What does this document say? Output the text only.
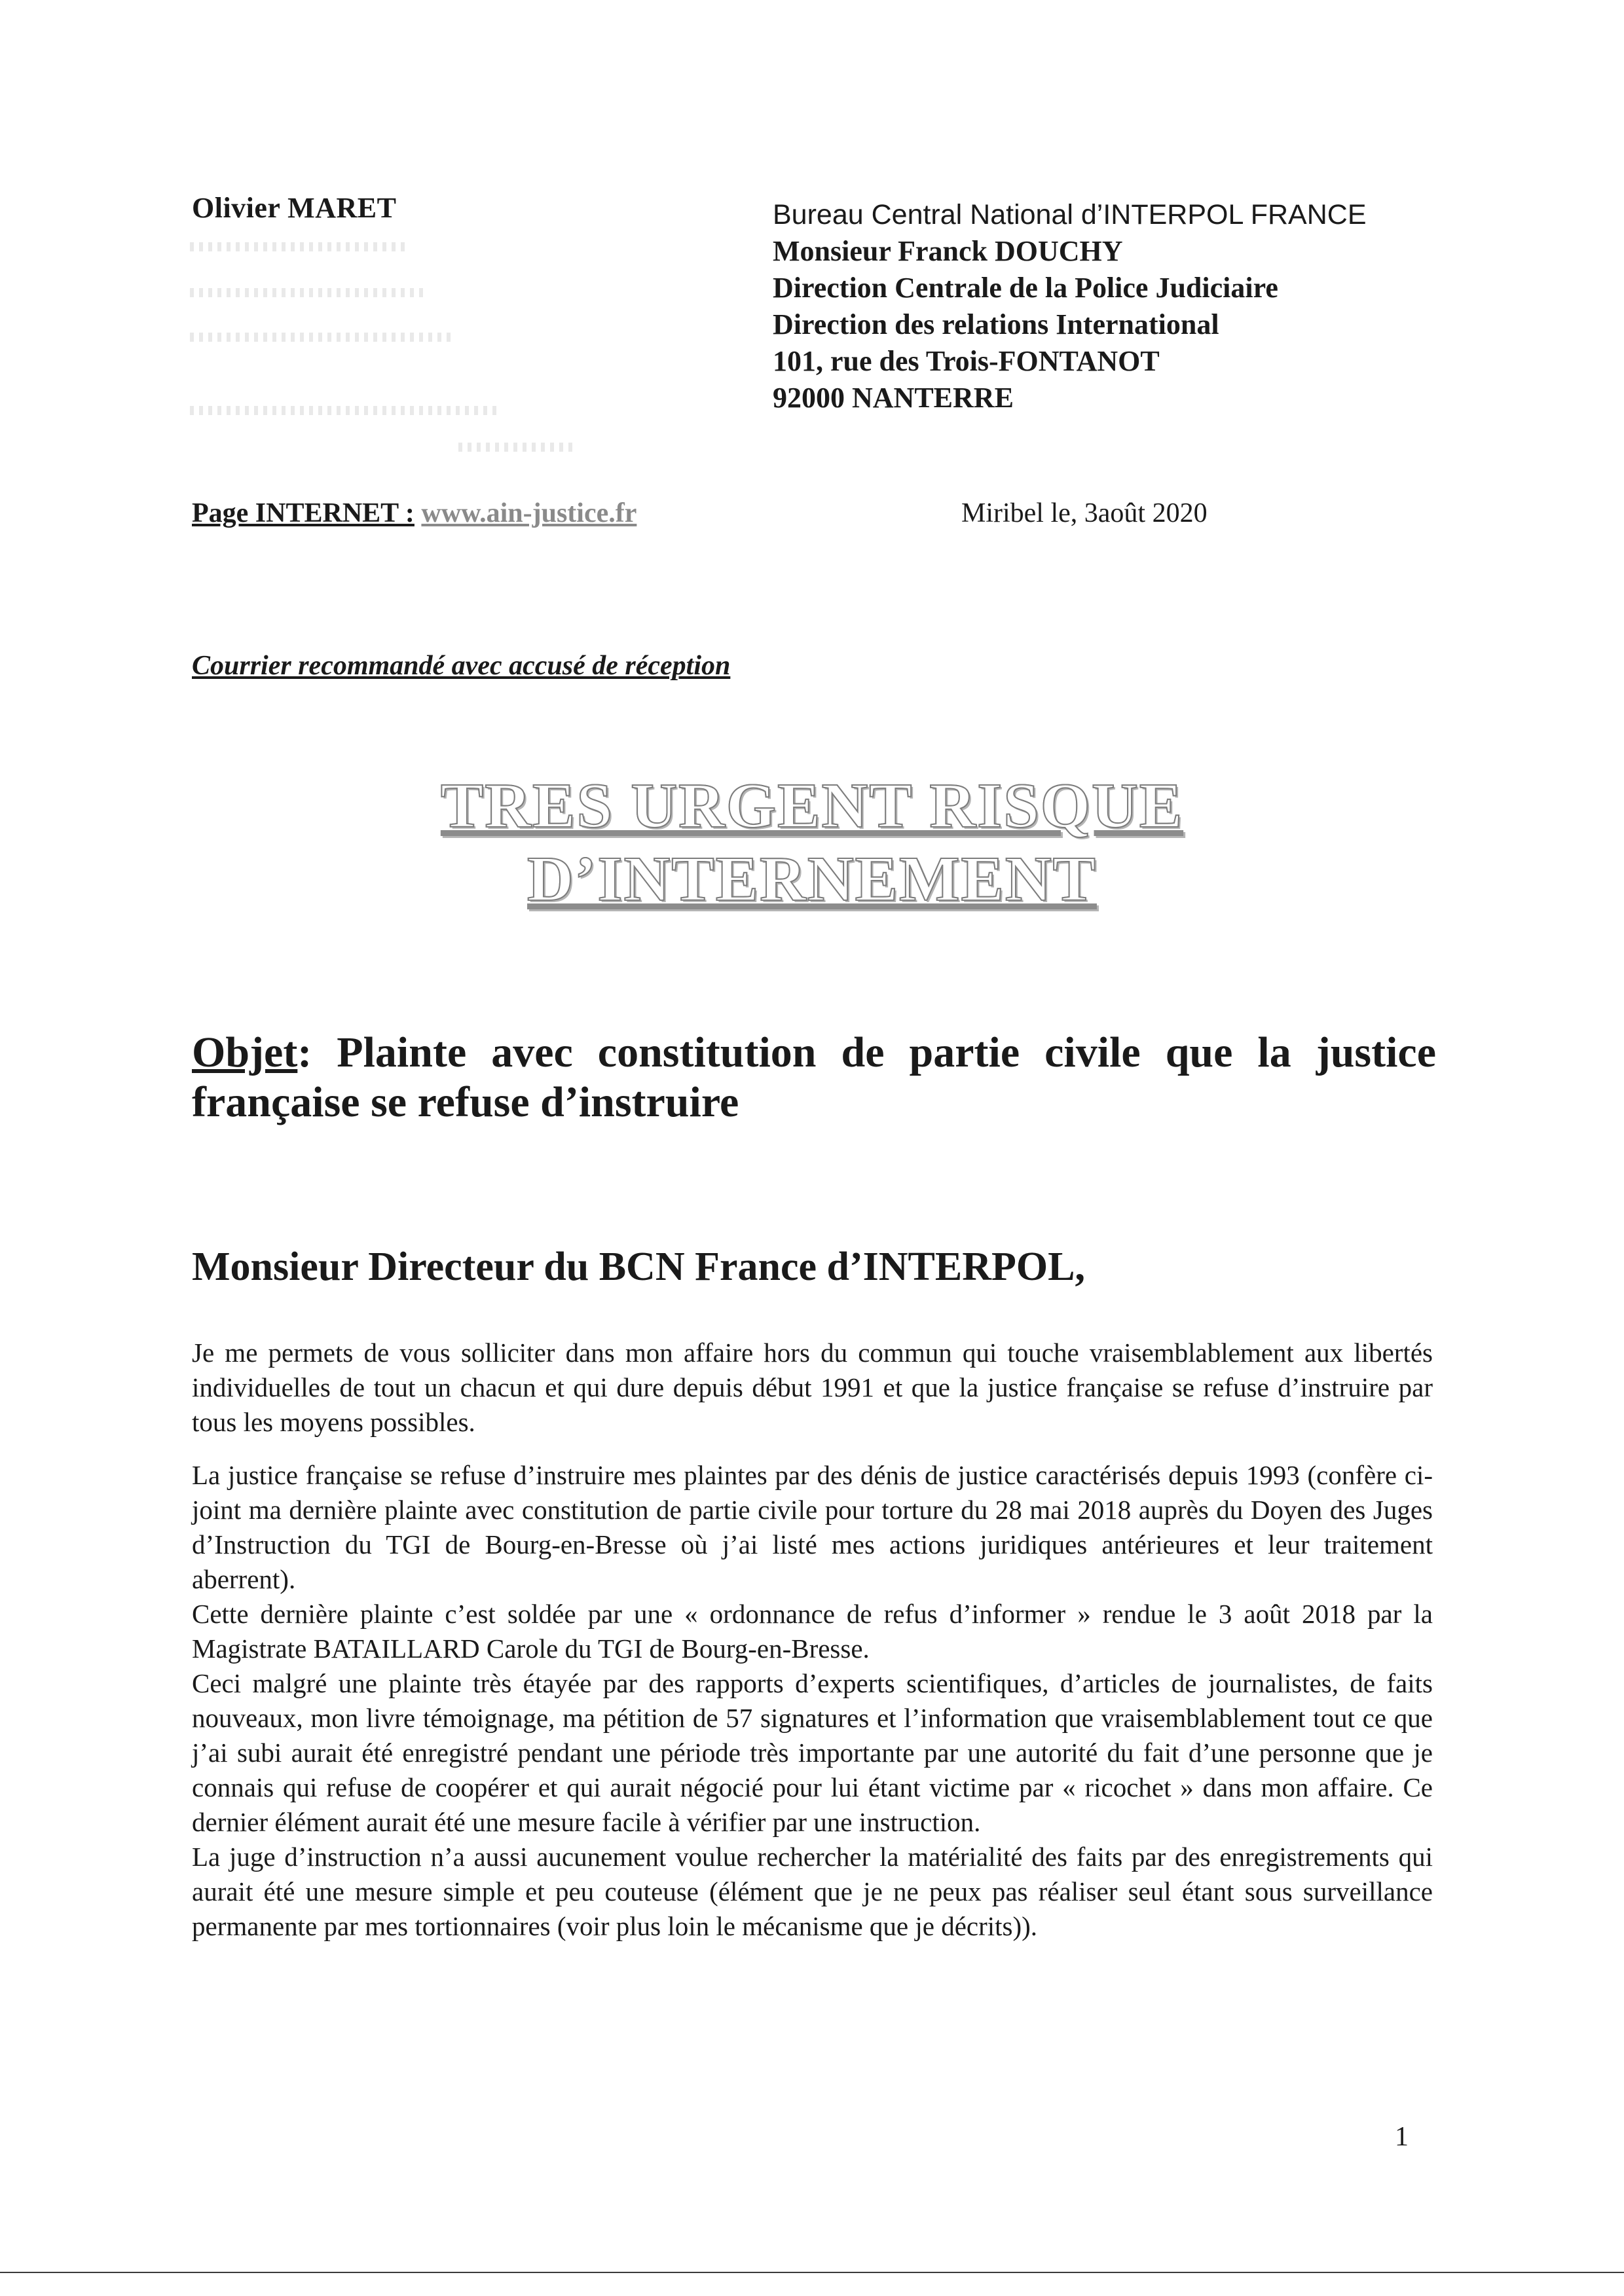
Olivier MARET	Bureau Central National d’INTERPOL FRANCE
Monsieur Franck DOUCHY
Direction Centrale de la Police Judiciaire
Direction des relations International
101, rue des Trois-FONTANOT
92000 NANTERRE
Page INTERNET : www.ain-justice.fr	Miribel le, 3août 2020
Courrier recommandé avec accusé de réception
TRES URGENT RISQUE
D’INTERNEMENT
Objet: Plainte avec constitution de partie civile que la justice française se refuse d’instruire
Monsieur Directeur du BCN France d’INTERPOL,

Je me permets de vous solliciter dans mon affaire hors du commun qui touche vraisemblablement aux libertés individuelles de tout un chacun et qui dure depuis début 1991 et que la justice française se refuse d’instruire par tous les moyens possibles.

La justice française se refuse d’instruire mes plaintes par des dénis de justice caractérisés depuis 1993 (confère ci-joint ma dernière plainte avec constitution de partie civile pour torture du 28 mai 2018 auprès du Doyen des Juges d’Instruction du TGI de Bourg-en-Bresse où j’ai listé mes actions juridiques antérieures et leur traitement aberrent).

Cette dernière plainte c’est soldée par une « ordonnance de refus d’informer » rendue le 3 août 2018 par la Magistrate BATAILLARD Carole du TGI de Bourg-en-Bresse.

Ceci malgré une plainte très étayée par des rapports d’experts scientifiques, d’articles de journalistes, de faits nouveaux, mon livre témoignage, ma pétition de 57 signatures et l’information que vraisemblablement tout ce que j’ai subi aurait été enregistré pendant une période très importante par une autorité du fait d’une personne que je connais qui refuse de coopérer et qui aurait négocié pour lui étant victime par « ricochet » dans mon affaire. Ce dernier élément aurait été une mesure facile à vérifier par une instruction.

La juge d’instruction n’a aussi aucunement voulue rechercher la matérialité des faits par des enregistrements qui aurait été une mesure simple et peu couteuse (élément que je ne peux pas réaliser seul étant sous surveillance permanente par mes tortionnaires (voir plus loin le mécanisme que je décrits)).

1
